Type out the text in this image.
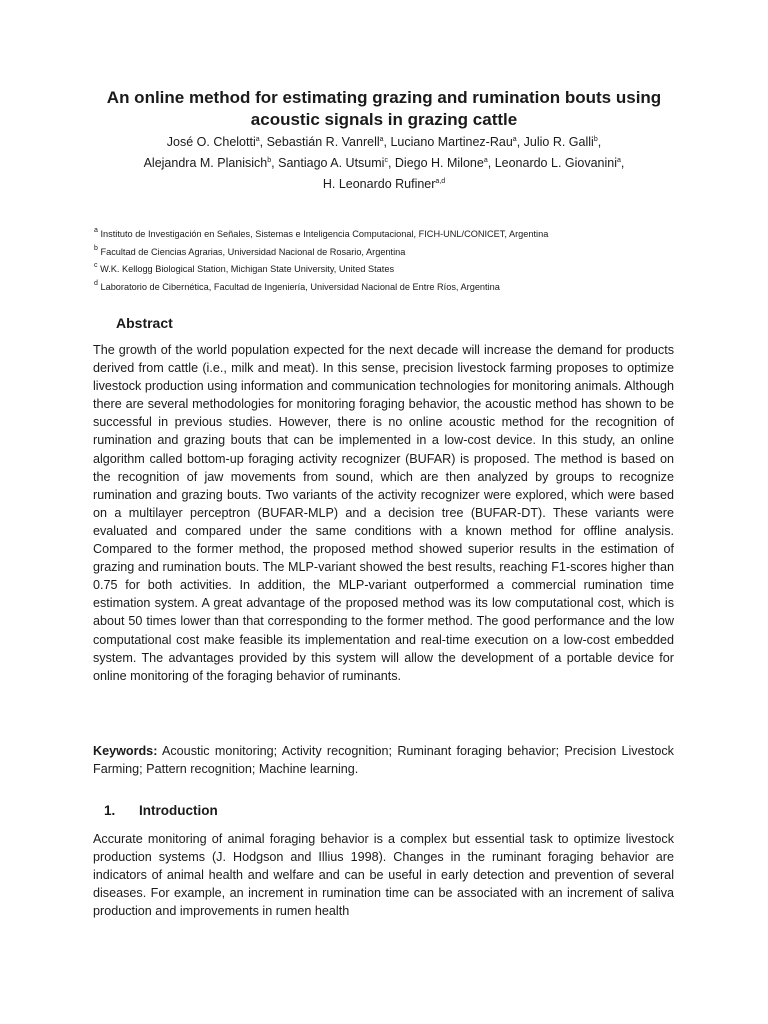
An online method for estimating grazing and rumination bouts using acoustic signals in grazing cattle
José O. Chelotti$^a$, Sebastián R. Vanrell$^a$, Luciano Martinez-Rau$^a$, Julio R. Galli$^b$,
Alejandra M. Planisich$^b$, Santiago A. Utsumi$^c$, Diego H. Milone$^a$, Leonardo L. Giovanini$^a$,
H. Leonardo Rufiner$^{a,d}$
$^a$ Instituto de Investigación en Señales, Sistemas e Inteligencia Computacional, FICH-UNL/CONICET, Argentina
$^b$ Facultad de Ciencias Agrarias, Universidad Nacional de Rosario, Argentina
$^c$ W.K. Kellogg Biological Station, Michigan State University, United States
$^d$ Laboratorio de Cibernética, Facultad de Ingeniería, Universidad Nacional de Entre Ríos, Argentina
Abstract
The growth of the world population expected for the next decade will increase the demand for products derived from cattle (i.e., milk and meat). In this sense, precision livestock farming proposes to optimize livestock production using information and communication technologies for monitoring animals. Although there are several methodologies for monitoring foraging behavior, the acoustic method has shown to be successful in previous studies. However, there is no online acoustic method for the recognition of rumination and grazing bouts that can be implemented in a low-cost device. In this study, an online algorithm called bottom-up foraging activity recognizer (BUFAR) is proposed. The method is based on the recognition of jaw movements from sound, which are then analyzed by groups to recognize rumination and grazing bouts. Two variants of the activity recognizer were explored, which were based on a multilayer perceptron (BUFAR-MLP) and a decision tree (BUFAR-DT). These variants were evaluated and compared under the same conditions with a known method for offline analysis. Compared to the former method, the proposed method showed superior results in the estimation of grazing and rumination bouts. The MLP-variant showed the best results, reaching F1-scores higher than 0.75 for both activities. In addition, the MLP-variant outperformed a commercial rumination time estimation system. A great advantage of the proposed method was its low computational cost, which is about 50 times lower than that corresponding to the former method. The good performance and the low computational cost make feasible its implementation and real-time execution on a low-cost embedded system. The advantages provided by this system will allow the development of a portable device for online monitoring of the foraging behavior of ruminants.
Keywords: Acoustic monitoring; Activity recognition; Ruminant foraging behavior; Precision Livestock Farming; Pattern recognition; Machine learning.
1. Introduction
Accurate monitoring of animal foraging behavior is a complex but essential task to optimize livestock production systems (J. Hodgson and Illius 1998). Changes in the ruminant foraging behavior are indicators of animal health and welfare and can be useful in early detection and prevention of several diseases. For example, an increment in rumination time can be associated with an increment of saliva production and improvements in rumen health
